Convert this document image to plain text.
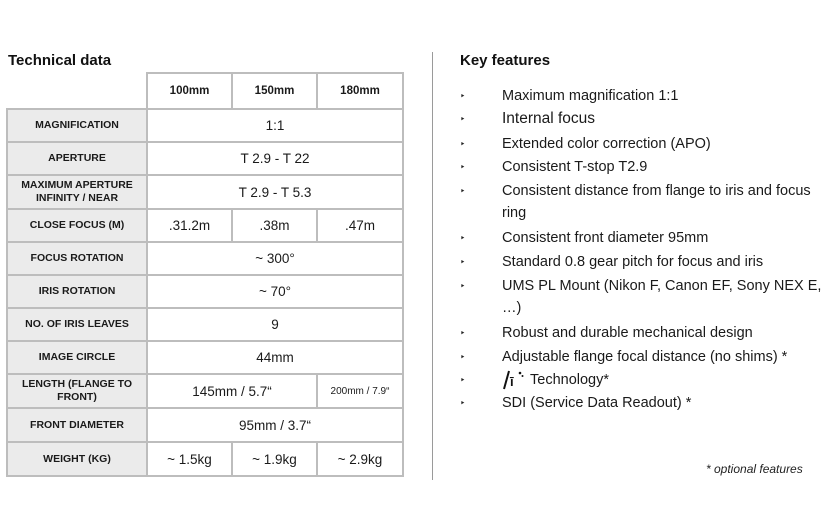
Technical data	Key features
	100mm	150mm	180mm
MAGNIFICATION	1:1		
APERTURE	T 2.9 - T 22		
MAXIMUM APERTURE INFINITY / NEAR	T 2.9 - T 5.3		
CLOSE FOCUS (M)	.31.2m	.38m	.47m
FOCUS ROTATION	~ 300°		
IRIS ROTATION	~ 70°		
NO. OF IRIS LEAVES	9		
IMAGE CIRCLE	44mm		
LENGTH (FLANGE TO FRONT)	145mm / 5.7“		200mm / 7.9“
FRONT DIAMETER	95mm / 3.7“		
WEIGHT (KG)	~ 1.5kg	~ 1.9kg	~ 2.9kg
‣	Maximum magnification 1:1
‣ Internal focus
‣	Extended color correction (APO)
‣	Consistent T-stop T2.9
‣	Consistent distance from flange to iris and focus ring
‣	Consistent front diameter 95mm
‣	Standard 0.8 gear pitch for focus and iris
‣	UMS PL Mount (Nikon F, Canon EF, Sony NEX E, …)
‣	Robust and durable mechanical design
‣	Adjustable flange focal distance (no shims) *
‣	ī Technology*
‣	SDI (Service Data Readout) *
* optional features
